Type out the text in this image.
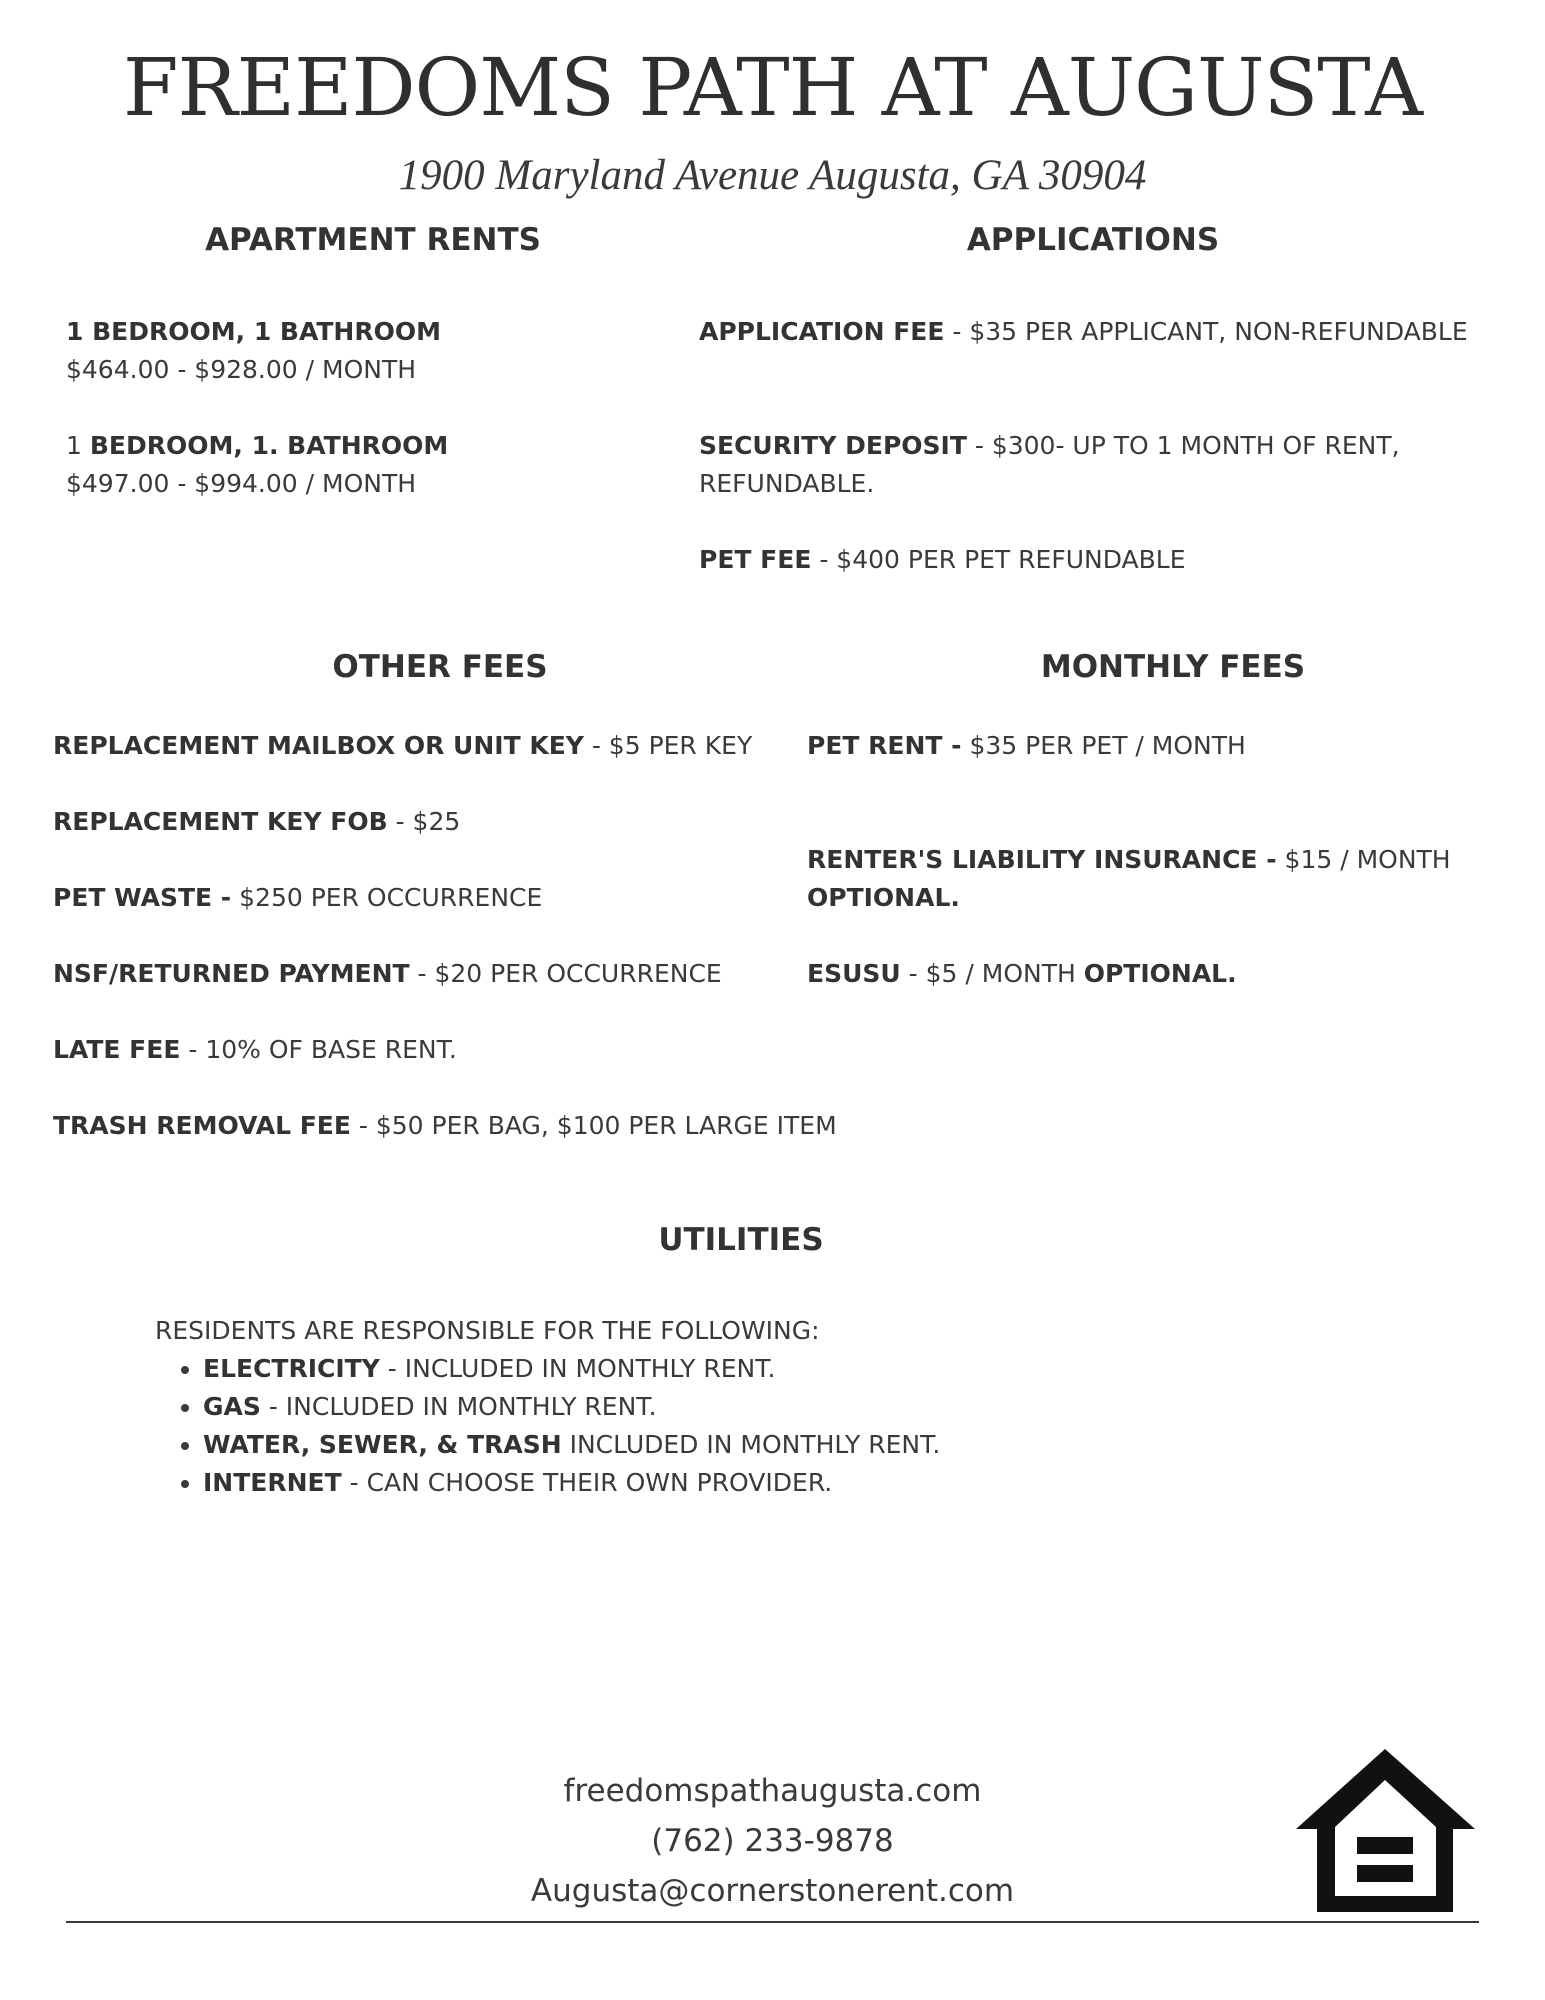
FREEDOMS PATH AT AUGUSTA
1900 Maryland Avenue Augusta, GA 30904
APARTMENT RENTS
1 BEDROOM, 1 BATHROOM
$464.00 - $928.00 / MONTH
1 BEDROOM, 1. BATHROOM
$497.00 - $994.00 / MONTH
APPLICATIONS
APPLICATION FEE - $35 PER APPLICANT, NON-REFUNDABLE
SECURITY DEPOSIT - $300- UP TO 1 MONTH OF RENT,
REFUNDABLE.
PET FEE - $400 PER PET REFUNDABLE
OTHER FEES
REPLACEMENT MAILBOX OR UNIT KEY - $5 PER KEY
REPLACEMENT KEY FOB - $25
PET WASTE - $250 PER OCCURRENCE
NSF/RETURNED PAYMENT - $20 PER OCCURRENCE
LATE FEE - 10% OF BASE RENT.
TRASH REMOVAL FEE - $50 PER BAG, $100 PER LARGE ITEM
MONTHLY FEES
PET RENT - $35 PER PET / MONTH
RENTER'S LIABILITY INSURANCE - $15 / MONTH
OPTIONAL.
ESUSU - $5 / MONTH OPTIONAL.
UTILITIES
RESIDENTS ARE RESPONSIBLE FOR THE FOLLOWING:
• ELECTRICITY - INCLUDED IN MONTHLY RENT.
• GAS - INCLUDED IN MONTHLY RENT.
• WATER, SEWER, & TRASH INCLUDED IN MONTHLY RENT.
• INTERNET - CAN CHOOSE THEIR OWN PROVIDER.
freedomspathaugusta.com
(762) 233-9878
Augusta@cornerstonerent.com
